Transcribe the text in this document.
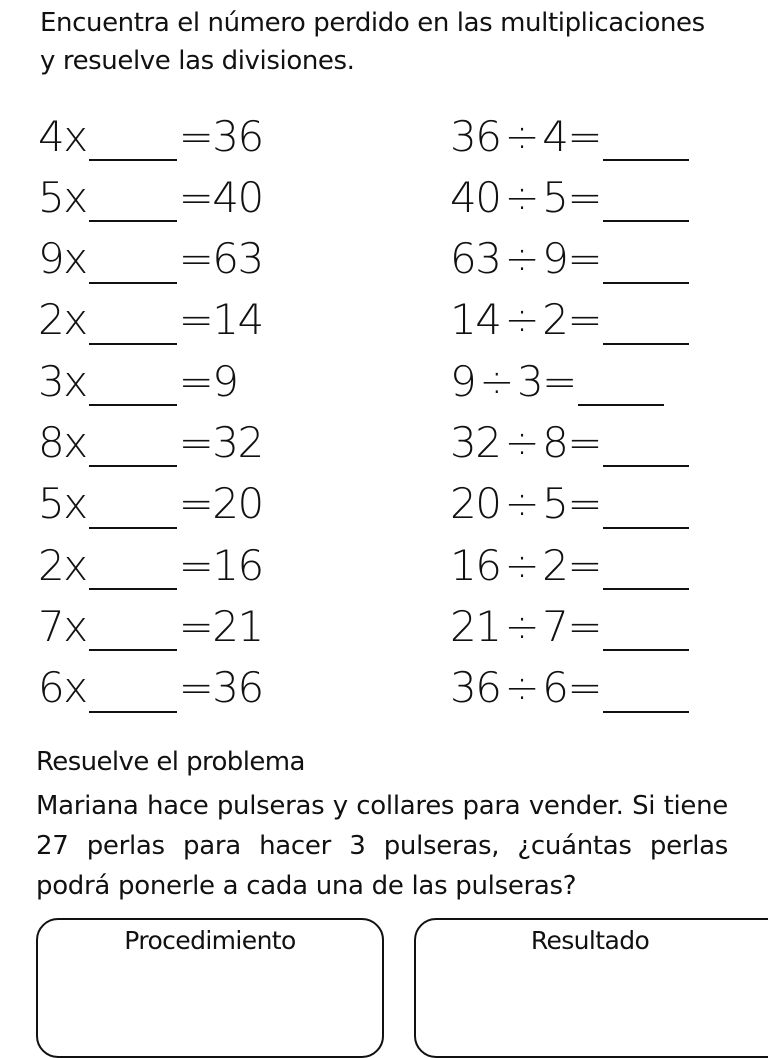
Encuentra el número perdido en las multiplicaciones
y resuelve las divisiones.
4x =36	36 ÷ 4=
5x =40	40 ÷ 5=
9x =63	63 ÷ 9=
2x =14	14 ÷ 2=
3x =9	9 ÷ 3=
8x =32	32 ÷ 8=
5x =20	20 ÷ 5=
2x =16	16 ÷ 2=
7x =21	21 ÷ 7=
6x =36	36 ÷ 6=
Resuelve el problema
Mariana hace pulseras y collares para vender. Si tiene 27 perlas para hacer 3 pulseras, ¿cuántas perlas podrá ponerle a cada una de las pulseras?
Procedimiento	Resultado
